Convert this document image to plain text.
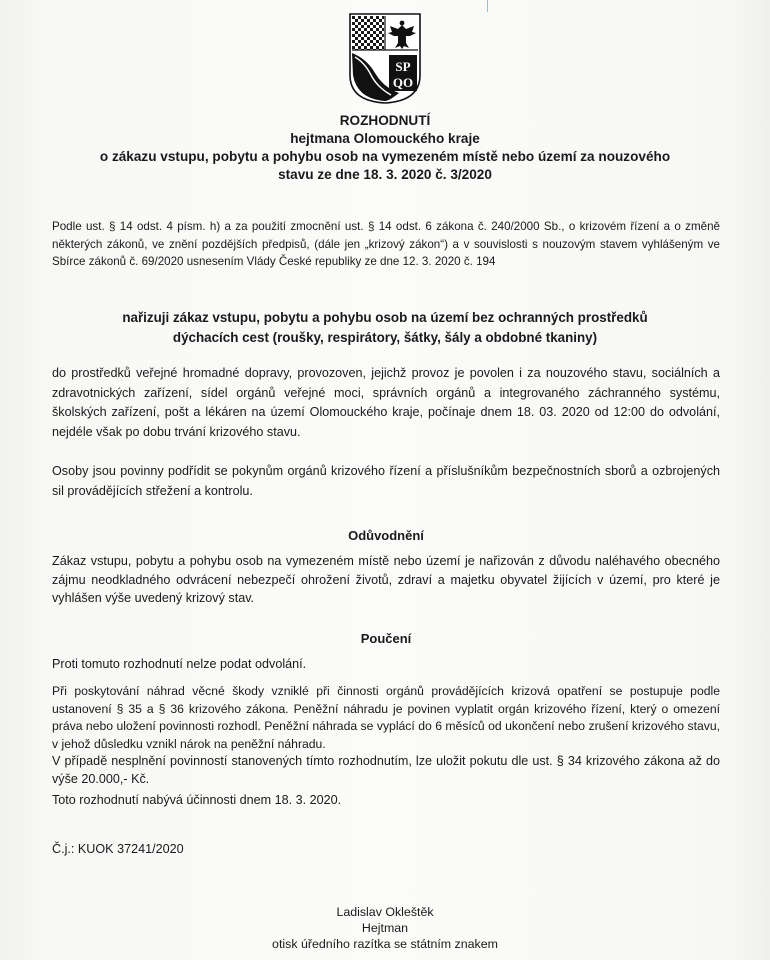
SP
QO
ROZHODNUTÍ
hejtmana Olomouckého kraje
o zákazu vstupu, pobytu a pohybu osob na vymezeném místě nebo území za nouzového
stavu ze dne 18. 3. 2020 č. 3/2020
Podle ust. § 14 odst. 4 písm. h) a za použití zmocnění ust. § 14 odst. 6 zákona č. 240/2000 Sb., o krizovém řízení a o změně některých zákonů, ve znění pozdějších předpisů, (dále jen „krizový zákon“) a v souvislosti s nouzovým stavem vyhlášeným ve Sbírce zákonů č. 69/2020 usnesením Vlády České republiky ze dne 12. 3. 2020 č. 194
nařizuji zákaz vstupu, pobytu a pohybu osob na území bez ochranných prostředků
dýchacích cest (roušky, respirátory, šátky, šály a obdobné tkaniny)
do prostředků veřejné hromadné dopravy, provozoven, jejichž provoz je povolen i za nouzového stavu, sociálních a zdravotnických zařízení, sídel orgánů veřejné moci, správních orgánů a integrovaného záchranného systému, školských zařízení, pošt a lékáren na území Olomouckého kraje, počínaje dnem 18. 03. 2020 od 12:00 do odvolání, nejdéle však po dobu trvání krizového stavu.
Osoby jsou povinny podřídit se pokynům orgánů krizového řízení a příslušníkům bezpečnostních sborů a ozbrojených sil provádějících střežení a kontrolu.
Odůvodnění
Zákaz vstupu, pobytu a pohybu osob na vymezeném místě nebo území je nařizován z důvodu naléhavého obecného zájmu neodkladného odvrácení nebezpečí ohrožení životů, zdraví a majetku obyvatel žijících v území, pro které je vyhlášen výše uvedený krizový stav.
Poučení
Proti tomuto rozhodnutí nelze podat odvolání.
Při poskytování náhrad věcné škody vzniklé při činnosti orgánů provádějících krizová opatření se postupuje podle ustanovení § 35 a § 36 krizového zákona. Peněžní náhradu je povinen vyplatit orgán krizového řízení, který o omezení práva nebo uložení povinnosti rozhodl. Peněžní náhrada se vyplácí do 6 měsíců od ukončení nebo zrušení krizového stavu, v jehož důsledku vznikl nárok na peněžní náhradu.
V případě nesplnění povinností stanovených tímto rozhodnutím, lze uložit pokutu dle ust. § 34 krizového zákona až do výše 20.000,- Kč.
Toto rozhodnutí nabývá účinnosti dnem 18. 3. 2020.
Č.j.: KUOK 37241/2020
Ladislav Okleštěk
Hejtman
otisk úředního razítka se státním znakem
